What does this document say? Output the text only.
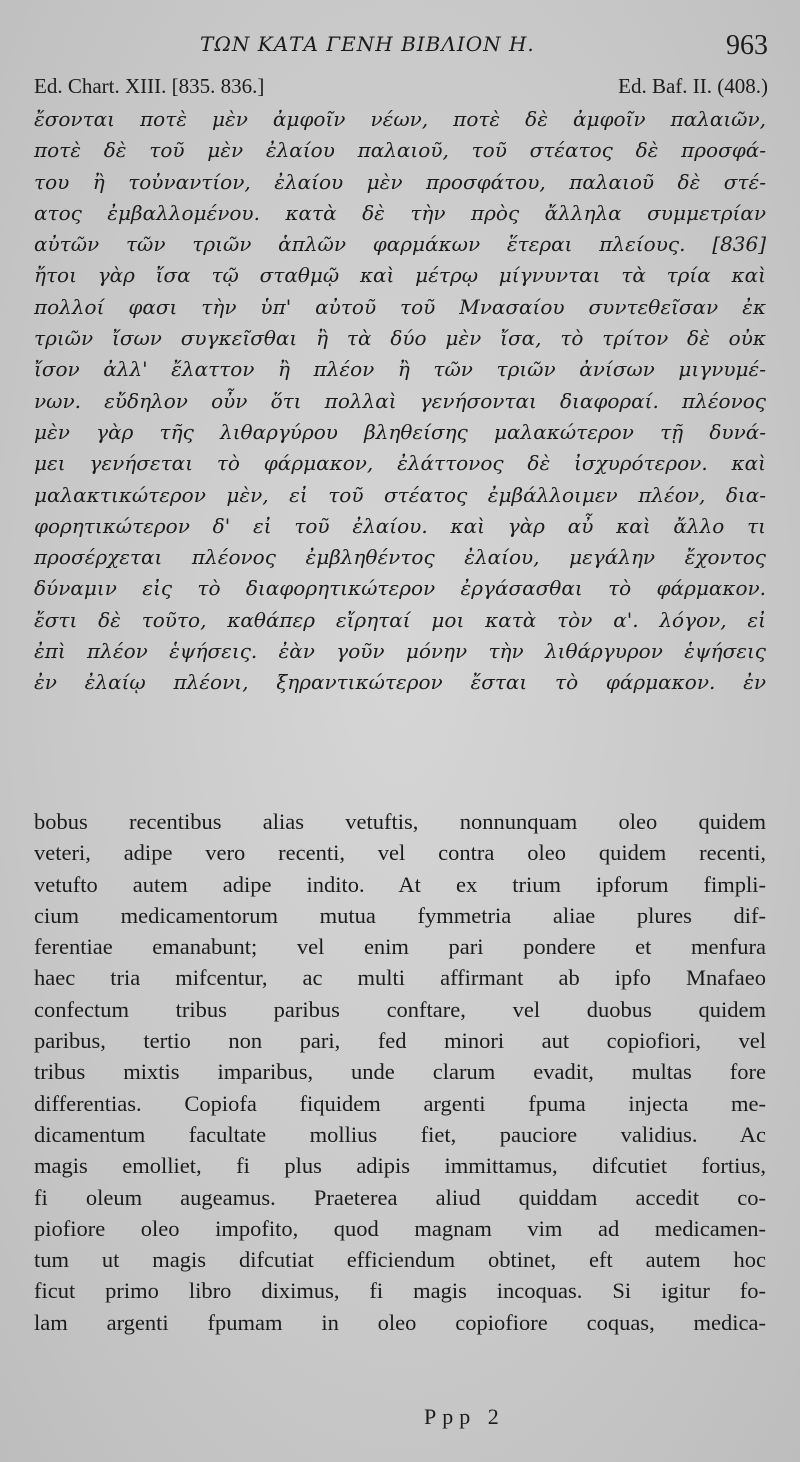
ΤΩΝ ΚΑΤΑ ΓΕΝΗ ΒΙΒΛΙΟΝ Η.	963
Ed. Chart. XIII. [835. 836.]	Ed. Baf. II. (408.)
ἔσονται ποτὲ μὲν ἀμφοῖν νέων, ποτὲ δὲ ἀμφοῖν παλαιῶν,
ποτὲ δὲ τοῦ μὲν ἐλαίου παλαιοῦ, τοῦ στέατος δὲ προσφά-
του ἢ τοὐναντίον, ἐλαίου μὲν προσφάτου, παλαιοῦ δὲ στέ-
ατος ἐμβαλλομένου. κατὰ δὲ τὴν πρὸς ἄλληλα συμμετρίαν
αὐτῶν τῶν τριῶν ἁπλῶν φαρμάκων ἕτεραι πλείους. [836]
ἤτοι γὰρ ἴσα τῷ σταθμῷ καὶ μέτρῳ μίγνυνται τὰ τρία καὶ
πολλοί φασι τὴν ὑπ' αὐτοῦ τοῦ Μνασαίου συντεθεῖσαν ἐκ
τριῶν ἴσων συγκεῖσθαι ἢ τὰ δύο μὲν ἴσα, τὸ τρίτον δὲ οὐκ
ἴσον ἀλλ' ἔλαττον ἢ πλέον ἢ τῶν τριῶν ἀνίσων μιγνυμέ-
νων. εὔδηλον οὖν ὅτι πολλαὶ γενήσονται διαφοραί. πλέονος
μὲν γὰρ τῆς λιθαργύρου βληθείσης μαλακώτερον τῇ δυνά-
μει γενήσεται τὸ φάρμακον, ἐλάττονος δὲ ἰσχυρότερον. καὶ
μαλακτικώτερον μὲν, εἰ τοῦ στέατος ἐμβάλλοιμεν πλέον, δια-
φορητικώτερον δ' εἰ τοῦ ἐλαίου. καὶ γὰρ αὖ καὶ ἄλλο τι
προσέρχεται πλέονος ἐμβληθέντος ἐλαίου, μεγάλην ἔχοντος
δύναμιν εἰς τὸ διαφορητικώτερον ἐργάσασθαι τὸ φάρμακον.
ἔστι δὲ τοῦτο, καθάπερ εἴρηταί μοι κατὰ τὸν α'. λόγον, εἰ
ἐπὶ πλέον ἑψήσεις. ἐὰν γοῦν μόνην τὴν λιθάργυρον ἑψήσεις
ἐν ἐλαίῳ πλέονι, ξηραντικώτερον ἔσται τὸ φάρμακον. ἐν
bobus recentibus alias vetuftis, nonnunquam oleo quidem
veteri, adipe vero recenti, vel contra oleo quidem recenti,
vetufto autem adipe indito. At ex trium ipforum fimpli-
cium medicamentorum mutua fymmetria aliae plures dif-
ferentiae emanabunt; vel enim pari pondere et menfura
haec tria mifcentur, ac multi affirmant ab ipfo Mnafaeo
confectum tribus paribus conftare, vel duobus quidem
paribus, tertio non pari, fed minori aut copiofiori, vel
tribus mixtis imparibus, unde clarum evadit, multas fore
differentias. Copiofa fiquidem argenti fpuma injecta me-
dicamentum facultate mollius fiet, pauciore validius. Ac
magis emolliet, fi plus adipis immittamus, difcutiet fortius,
fi oleum augeamus. Praeterea aliud quiddam accedit co-
piofiore oleo impofito, quod magnam vim ad medicamen-
tum ut magis difcutiat efficiendum obtinet, eft autem hoc
ficut primo libro diximus, fi magis incoquas. Si igitur fo-
lam argenti fpumam in oleo copiofiore coquas, medica-
Ppp 2
